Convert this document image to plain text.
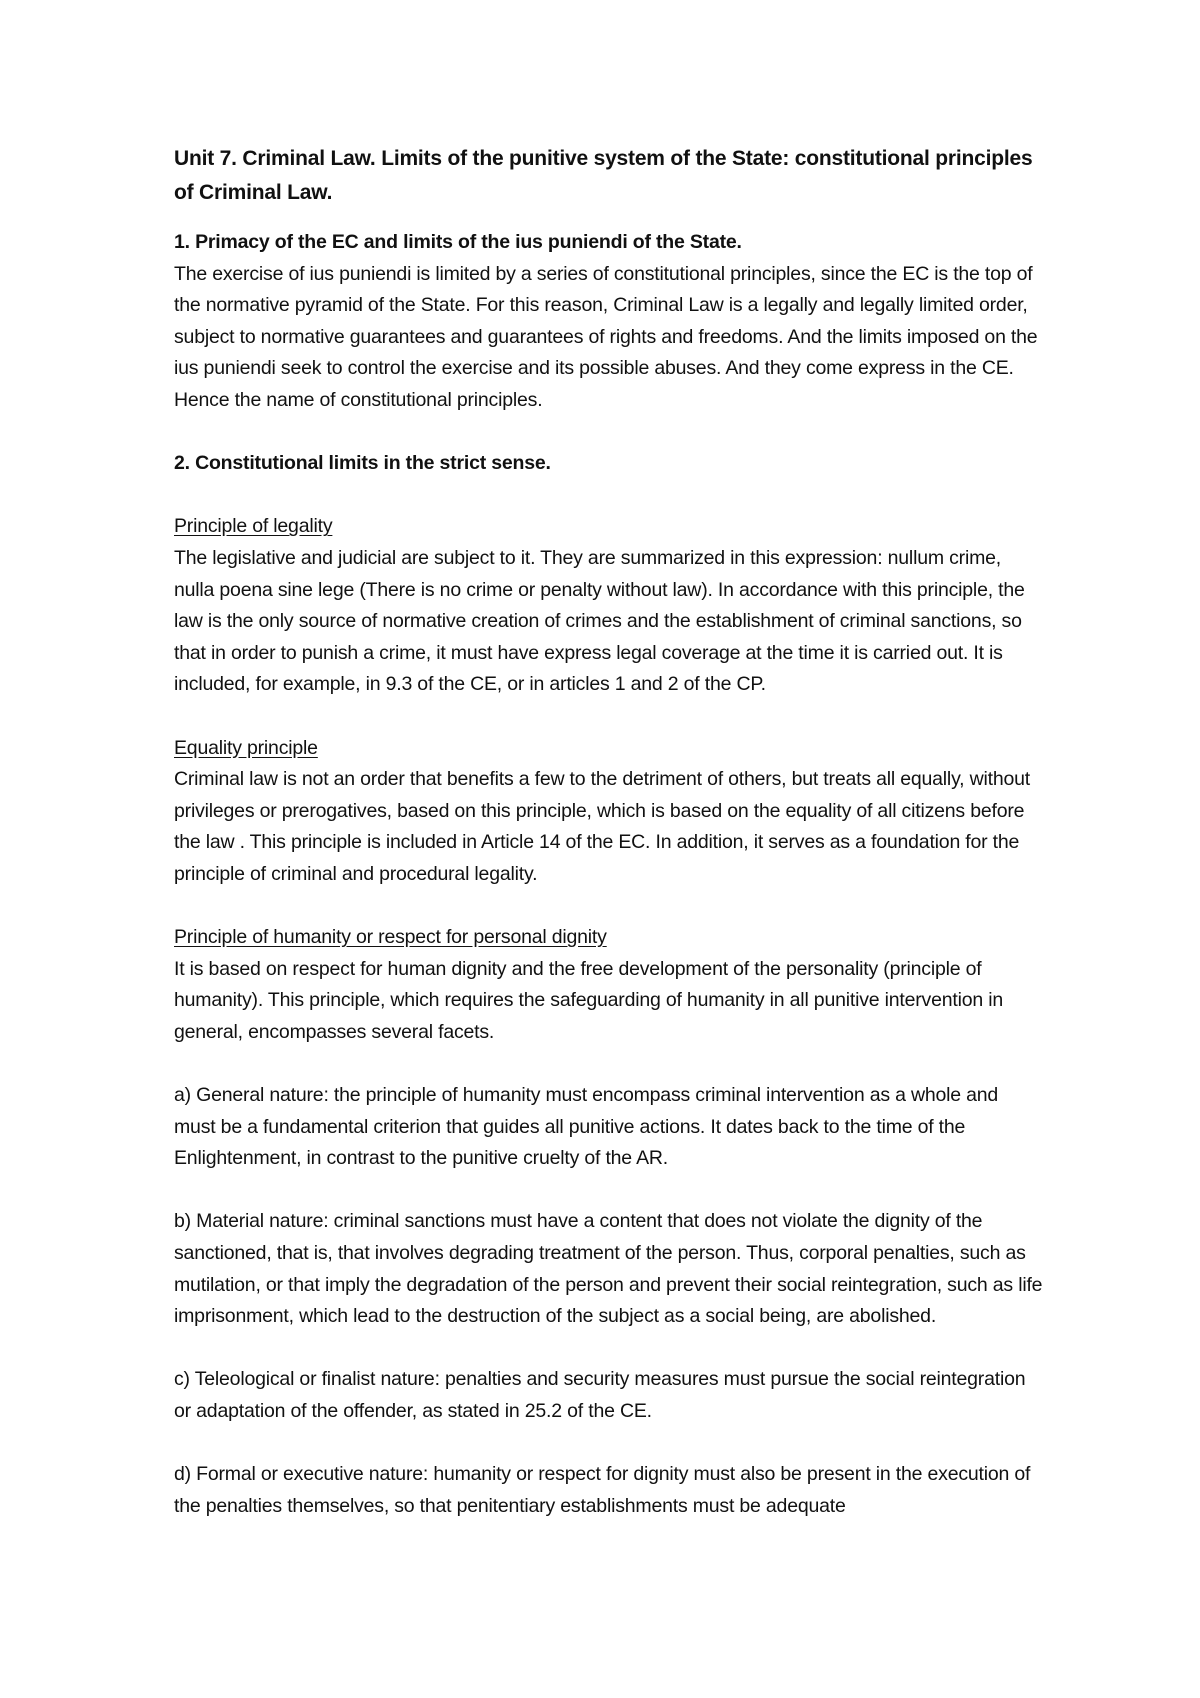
Unit 7. Criminal Law. Limits of the punitive system of the State: constitutional principles of Criminal Law.

1. Primacy of the EC and limits of the ius puniendi of the State.

The exercise of ius puniendi is limited by a series of constitutional principles, since the EC is the top of the normative pyramid of the State. For this reason, Criminal Law is a legally and legally limited order, subject to normative guarantees and guarantees of rights and freedoms. And the limits imposed on the ius puniendi seek to control the exercise and its possible abuses. And they come express in the CE. Hence the name of constitutional principles.

2. Constitutional limits in the strict sense.

Principle of legality

The legislative and judicial are subject to it. They are summarized in this expression: nullum crime, nulla poena sine lege (There is no crime or penalty without law). In accordance with this principle, the law is the only source of normative creation of crimes and the establishment of criminal sanctions, so that in order to punish a crime, it must have express legal coverage at the time it is carried out. It is included, for example, in 9.3 of the CE, or in articles 1 and 2 of the CP.

Equality principle

Criminal law is not an order that benefits a few to the detriment of others, but treats all equally, without privileges or prerogatives, based on this principle, which is based on the equality of all citizens before the law . This principle is included in Article 14 of the EC. In addition, it serves as a foundation for the principle of criminal and procedural legality.

Principle of humanity or respect for personal dignity

It is based on respect for human dignity and the free development of the personality (principle of humanity). This principle, which requires the safeguarding of humanity in all punitive intervention in general, encompasses several facets.

a) General nature: the principle of humanity must encompass criminal intervention as a whole and must be a fundamental criterion that guides all punitive actions. It dates back to the time of the Enlightenment, in contrast to the punitive cruelty of the AR.

b) Material nature: criminal sanctions must have a content that does not violate the dignity of the sanctioned, that is, that involves degrading treatment of the person. Thus, corporal penalties, such as mutilation, or that imply the degradation of the person and prevent their social reintegration, such as life imprisonment, which lead to the destruction of the subject as a social being, are abolished.

c) Teleological or finalist nature: penalties and security measures must pursue the social reintegration or adaptation of the offender, as stated in 25.2 of the CE.

d) Formal or executive nature: humanity or respect for dignity must also be present in the execution of the penalties themselves, so that penitentiary establishments must be adequate
